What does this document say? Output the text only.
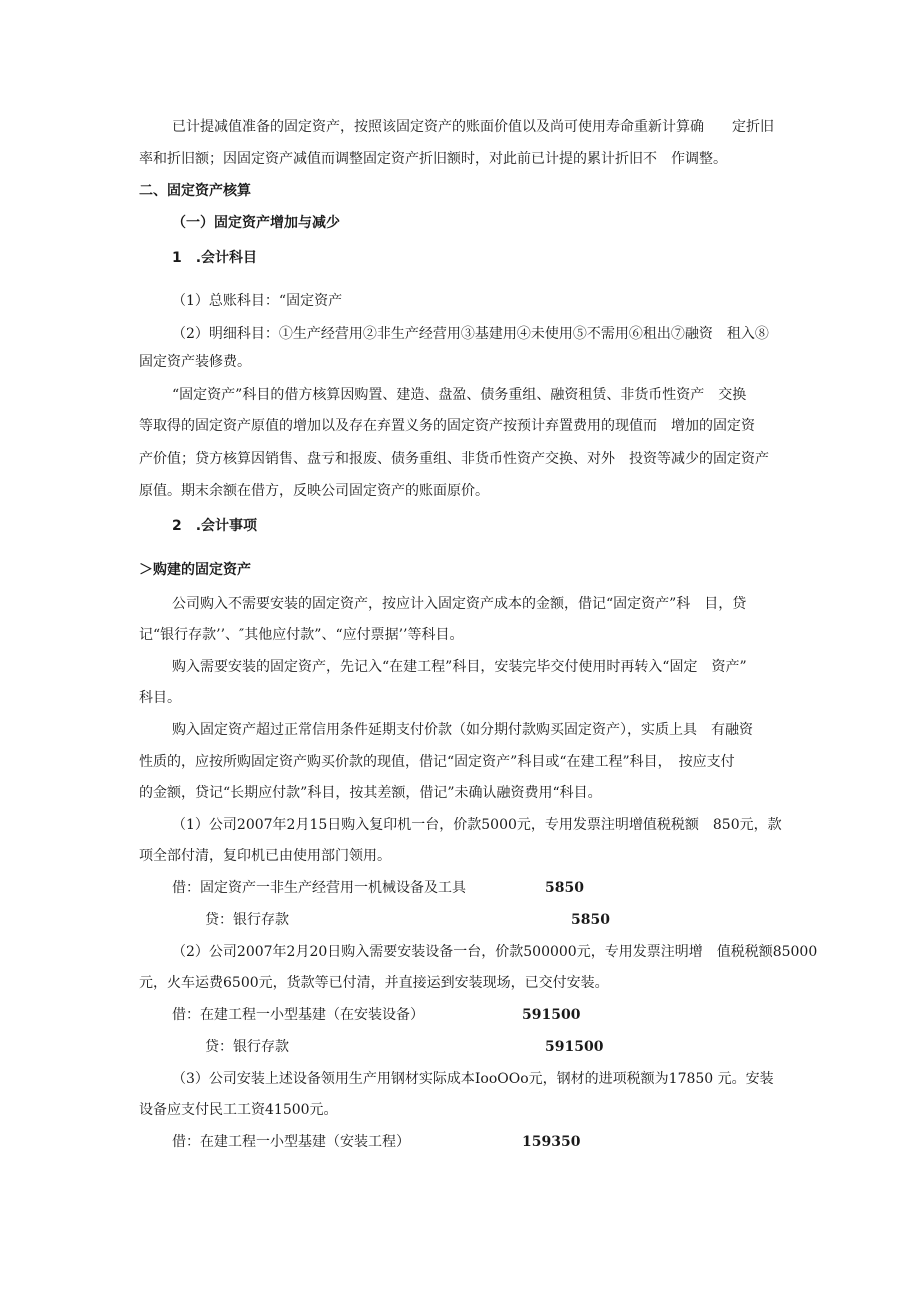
已计提减值准备的固定资产，按照该固定资产的账面价值以及尚可使用寿命重新计算确　　定折旧
率和折旧额；因固定资产减值而调整固定资产折旧额时，对此前已计提的累计折旧不　作调整。
二、固定资产核算
（一）固定资产增加与减少
1　.会计科目
（1）总账科目：“固定资产
（2）明细科目：①生产经营用②非生产经营用③基建用④未使用⑤不需用⑥租出⑦融资　租入⑧
固定资产装修费。
“固定资产”科目的借方核算因购置、建造、盘盈、债务重组、融资租赁、非货币性资产　交换
等取得的固定资产原值的增加以及存在弃置义务的固定资产按预计弃置费用的现值而　增加的固定资
产价值；贷方核算因销售、盘亏和报废、债务重组、非货币性资产交换、对外　投资等减少的固定资产
原值。期末余额在借方，反映公司固定资产的账面原价。
2　.会计事项
＞购建的固定资产
公司购入不需要安装的固定资产，按应计入固定资产成本的金额，借记“固定资产”科　目，贷
记“银行存款’’、″其他应付款”、“应付票据’’等科目。
购入需要安装的固定资产，先记入“在建工程”科目，安装完毕交付使用时再转入“固定　资产”
科目。
购入固定资产超过正常信用条件延期支付价款（如分期付款购买固定资产），实质上具　有融资
性质的，应按所购固定资产购买价款的现值，借记“固定资产”科目或“在建工程”科目，　按应支付
的金额，贷记“长期应付款”科目，按其差额，借记”未确认融资费用“科目。
（1）公司2007年2月15日购入复印机一台，价款5000元，专用发票注明增值税税额　850元，款
项全部付清，复印机已由使用部门领用。
借：固定资产一非生产经营用一机械设备及工具	5850
贷：银行存款	5850
（2）公司2007年2月20日购入需要安装设备一台，价款500000元，专用发票注明增　值税税额85000
元，火车运费6500元，货款等已付清，并直接运到安装现场，已交付安装。
借：在建工程一小型基建（在安装设备）	591500
贷：银行存款	591500
（3）公司安装上述设备领用生产用钢材实际成本IooOOo元，钢材的进项税额为17850 元。安装
设备应支付民工工资41500元。
借：在建工程一小型基建（安装工程）	159350
